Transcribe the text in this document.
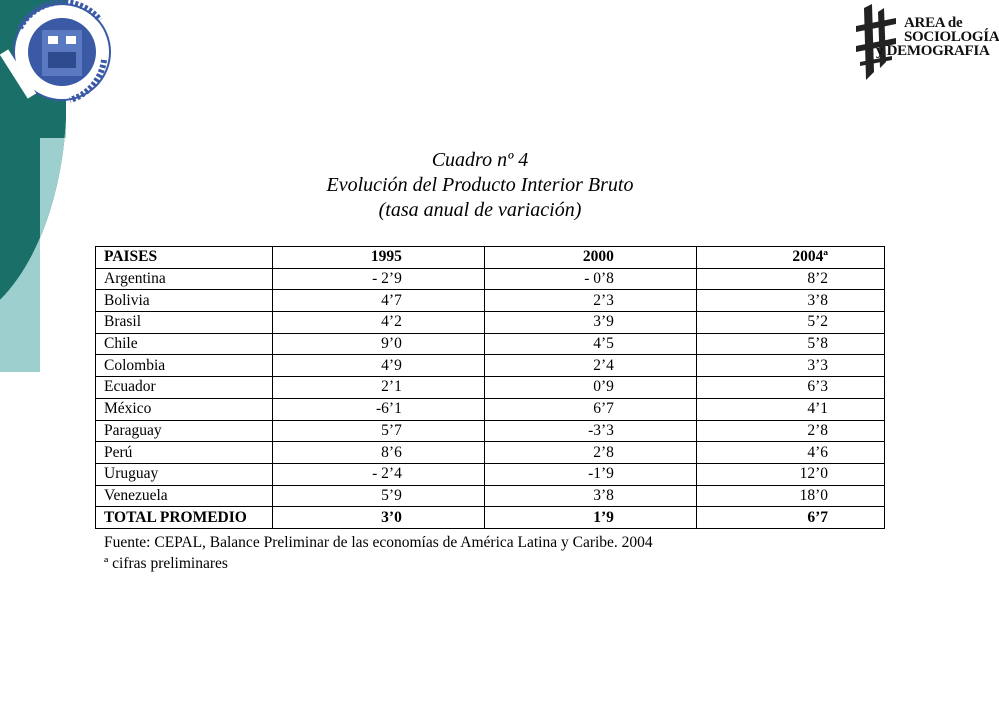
AREA de
SOCIOLOGÍA
y DEMOGRAFIA
Cuadro nº 4
Evolución del Producto Interior Bruto
(tasa anual de variación)
PAISES	1995	2000	2004ª
Argentina	- 2’9	- 0’8	8’2
Bolivia	4’7	2’3	3’8
Brasil	4’2	3’9	5’2
Chile	9’0	4’5	5’8
Colombia	4’9	2’4	3’3
Ecuador	2’1	0’9	6’3
México	-6’1	6’7	4’1
Paraguay	5’7	-3’3	2’8
Perú	8’6	2’8	4’6
Uruguay	- 2’4	-1’9	12’0
Venezuela	5’9	3’8	18’0
TOTAL PROMEDIO	3’0	1’9	6’7
Fuente: CEPAL, Balance Preliminar de las economías de América Latina y Caribe. 2004
ª cifras preliminares
